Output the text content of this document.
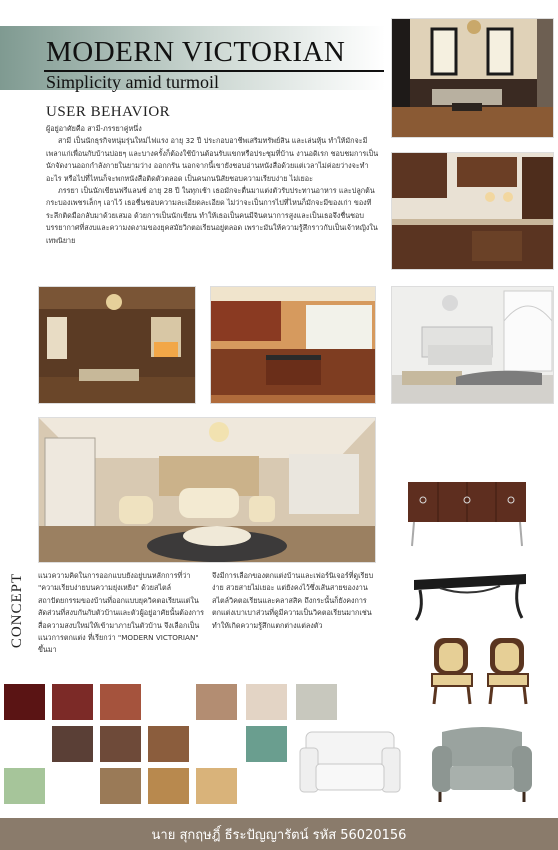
MODERN VICTORIAN
Simplicity amid turmoil
USER BEHAVIOR

ผู้อยู่อาศัยคือ สามี-ภรรยาคู่หนึ่ง

สามี เป็นนักธุรกิจหนุ่มรุ่นใหม่ไฟแรง อายุ 32 ปี ประกอบอาชีพเสริมทรัพย์สิน และเล่นหุ้น ทำให้มักจะมีเพลาแก่เพื่อนกับบ้านบ่อยๆ และบางครั้งก็ต้องใช้บ้านต้อนรับแขกหรือประชุมที่บ้าน งานอดิเรก ชอบชมการเป็นนักจัดงานออกกำลังกายในยามว่าง ออกกรัน นอกจากนี้เขายังชอบอ่านหนังสือด้วยแต่เวลาไม่ค่อยว่างจะทำอะไร หรือไปที่ไหนก็จะพกหนังสือติดตัวตลอด เป็นคนกนนิสัยชอบความเรียบง่าย ไม่เยอะ

ภรรยา เป็นนักเขียนฟรีแลนซ์ อายุ 28 ปี ในทุกเช้า เธอมักจะตื่นมาแต่งตัวรับประทานอาหาร และปลูกต้นกระบองเพชรเล็กๆ เอาไว้ เธอชื่นชอบความละเอียดละเอียด ไม่ว่าจะเป็นการไปที่ไหนก็มักจะมีของเก่า ของทีระลึกติดมือกลับมาด้วยเสมอ ด้วยการเป็นนักเขียน ทำให้เธอเป็นคนมีจินตนาการสูงและเป็นเธอจึงชื่นชอบบรรยากาศที่สงบและความงดงามของยุคสมัยวิกตอเรียนอยู่ตลอด เพราะมันให้ความรู้สึกราวกับเป็นเจ้าหญิงในเทพนิยาย

CONCEPT แนวความคิดในการออกแบบยังอยู่บนหลักการที่ว่า "ความเรียบง่ายบนความยุ่งเหยิง" ด้วยสไตล์สถาปัตยกรรมของบ้านที่ออกแบบยุควิคตอเรียนแต่ในสัดส่วนที่สงบกันกับตัวบ้านและตัวผู้อยู่อาศัยนั้นต้องการสื่อความสงบใหม่ให้เข้ามาภายในตัวบ้าน จึงเลือกเป็นแนวการตกแต่ง ที่เรียกว่า "MODERN VICTORIAN" ขึ้นมา
จึงมีการเลือกของตกแต่งบ้านและเฟอร์นิเจอร์ที่ดูเรียบง่าย สวยสายไม่เยอะ แต่ยังคงไว้ซึ่งเส้นสายของงานสไตล์วิคตอเรียนและคลาสสิค ถึงกระนั้นก็ยังคงการตกแต่งเบาเบาส่วนที่ดูมีความเป็นวิคตอเรียนมากเช่น ทำให้เกิดความรู้สึกแตกต่างแต่ลงตัว
นาย สุกฤษฎิ์ ธีระปัญญารัตน์ รหัส 56020156
